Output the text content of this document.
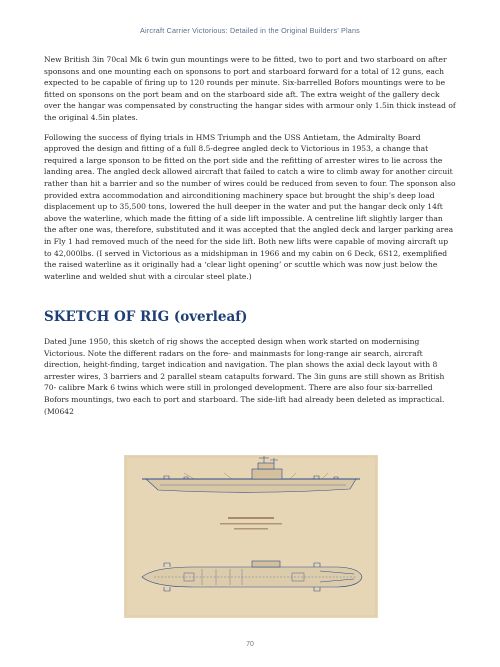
Aircraft Carrier Victorious: Detailed in the Original Builders’ Plans

New British 3in 70cal Mk 6 twin gun mountings were to be fitted, two to port and two starboard on after sponsons and one mounting each on sponsons to port and starboard forward for a total of 12 guns, each expected to be capable of firing up to 120 rounds per minute. Six-barrelled Bofors mountings were to be fitted on sponsons on the port beam and on the starboard side aft. The extra weight of the gallery deck over the hangar was compensated by constructing the hangar sides with armour only 1.5in thick instead of the original 4.5in plates.

Following the success of flying trials in HMS Triumph and the USS Antietam, the Admiralty Board approved the design and fitting of a full 8.5-degree angled deck to Victorious in 1953, a change that required a large sponson to be fitted on the port side and the refitting of arrester wires to lie across the landing area. The angled deck allowed aircraft that failed to catch a wire to climb away for another circuit rather than hit a barrier and so the number of wires could be reduced from seven to four. The sponson also provided extra accommodation and airconditioning machinery space but brought the ship’s deep load displacement up to 35,500 tons, lowered the hull deeper in the water and put the hangar deck only 14ft above the waterline, which made the fitting of a side lift impossible. A centreline lift slightly larger than the after one was, therefore, substituted and it was accepted that the angled deck and larger parking area in Fly 1 had removed much of the need for the side lift. Both new lifts were capable of moving aircraft up to 42,000lbs. (I served in Victorious as a midshipman in 1966 and my cabin on 6 Deck, 6S12, exemplified the raised waterline as it originally had a ‘clear light opening’ or scuttle which was now just below the waterline and welded shut with a circular steel plate.)

SKETCH OF RIG (overleaf)

Dated June 1950, this sketch of rig shows the accepted design when work started on modernising Victorious. Note the different radars on the fore- and mainmasts for long-range air search, aircraft direction, height-finding, target indication and navigation. The plan shows the axial deck layout with 8 arrester wires, 3 barriers and 2 parallel steam catapults forward. The 3in guns are still shown as British 70- calibre Mark 6 twins which were still in prolonged development. There are also four six-barrelled Bofors mountings, two each to port and starboard. The side-lift had already been deleted as impractical. (M0642

70
